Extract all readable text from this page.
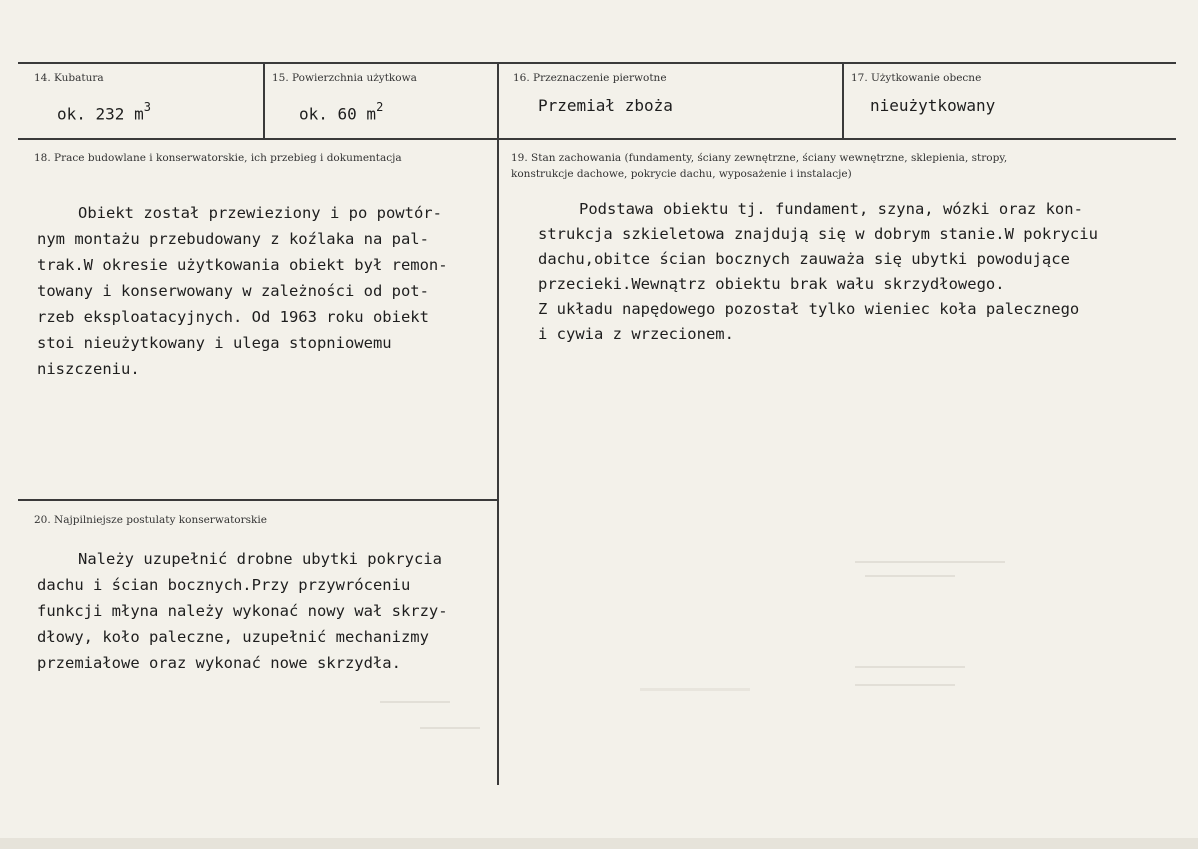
14. Kubatura
ok. 232 $m^3$
15. Powierzchnia użytkowa
ok. 60 $m^2$
16. Przeznaczenie pierwotne
Przemiał zboża
17. Użytkowanie obecne
nieużytkowany
18. Prace budowlane i konserwatorskie, ich przebieg i dokumentacja
Obiekt został przewieziony i po powtór-
nym montażu przebudowany z koźlaka na pal-
trak.W okresie użytkowania obiekt był remon-
towany i konserwowany w zależności od pot-
rzeb eksploatacyjnych. Od 1963 roku obiekt
stoi nieużytkowany i ulega stopniowemu
niszczeniu.
19. Stan zachowania (fundamenty, ściany zewnętrzne, ściany wewnętrzne, sklepienia, stropy,
konstrukcje dachowe, pokrycie dachu, wyposażenie i instalacje)
Podstawa obiektu tj. fundament, szyna, wózki oraz kon-
strukcja szkieletowa znajdują się w dobrym stanie.W pokryciu
dachu,obitce ścian bocznych zauważa się ubytki powodujące
przecieki.Wewnątrz obiektu brak wału skrzydłowego.
Z układu napędowego pozostał tylko wieniec koła palecznego
i cywia z wrzecionem.
20. Najpilniejsze postulaty konserwatorskie
Należy uzupełnić drobne ubytki pokrycia
dachu i ścian bocznych.Przy przywróceniu
funkcji młyna należy wykonać nowy wał skrzy-
dłowy, koło paleczne, uzupełnić mechanizmy
przemiałowe oraz wykonać nowe skrzydła.
